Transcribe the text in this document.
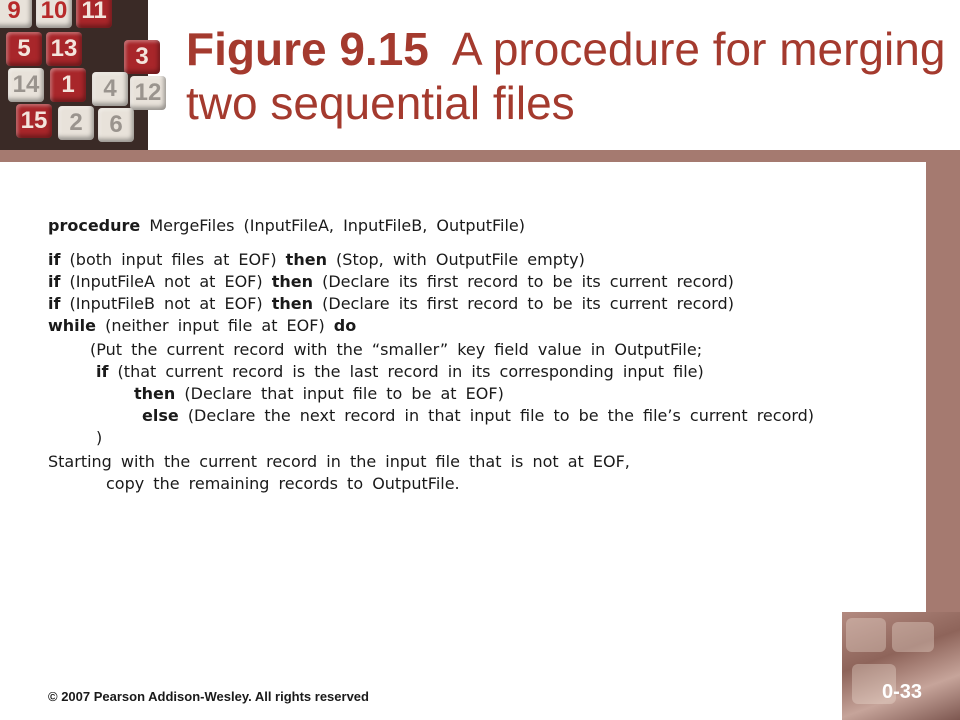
9 10 11
5 13	3
14 1	4 12
15 2	6
Figure 9.15 A procedure for merging two sequential files
procedure MergeFiles (InputFileA, InputFileB, OutputFile)
if (both input files at EOF) then (Stop, with OutputFile empty)
if (InputFileA not at EOF) then (Declare its first record to be its current record)
if (InputFileB not at EOF) then (Declare its first record to be its current record)
while (neither input file at EOF) do
(Put the current record with the “smaller” key field value in OutputFile;
if (that current record is the last record in its corresponding input file)
then (Declare that input file to be at EOF)
else (Declare the next record in that input file to be the file’s current record)
)
Starting with the current record in the input file that is not at EOF,
copy the remaining records to OutputFile.
© 2007 Pearson Addison-Wesley. All rights reserved	0-33
